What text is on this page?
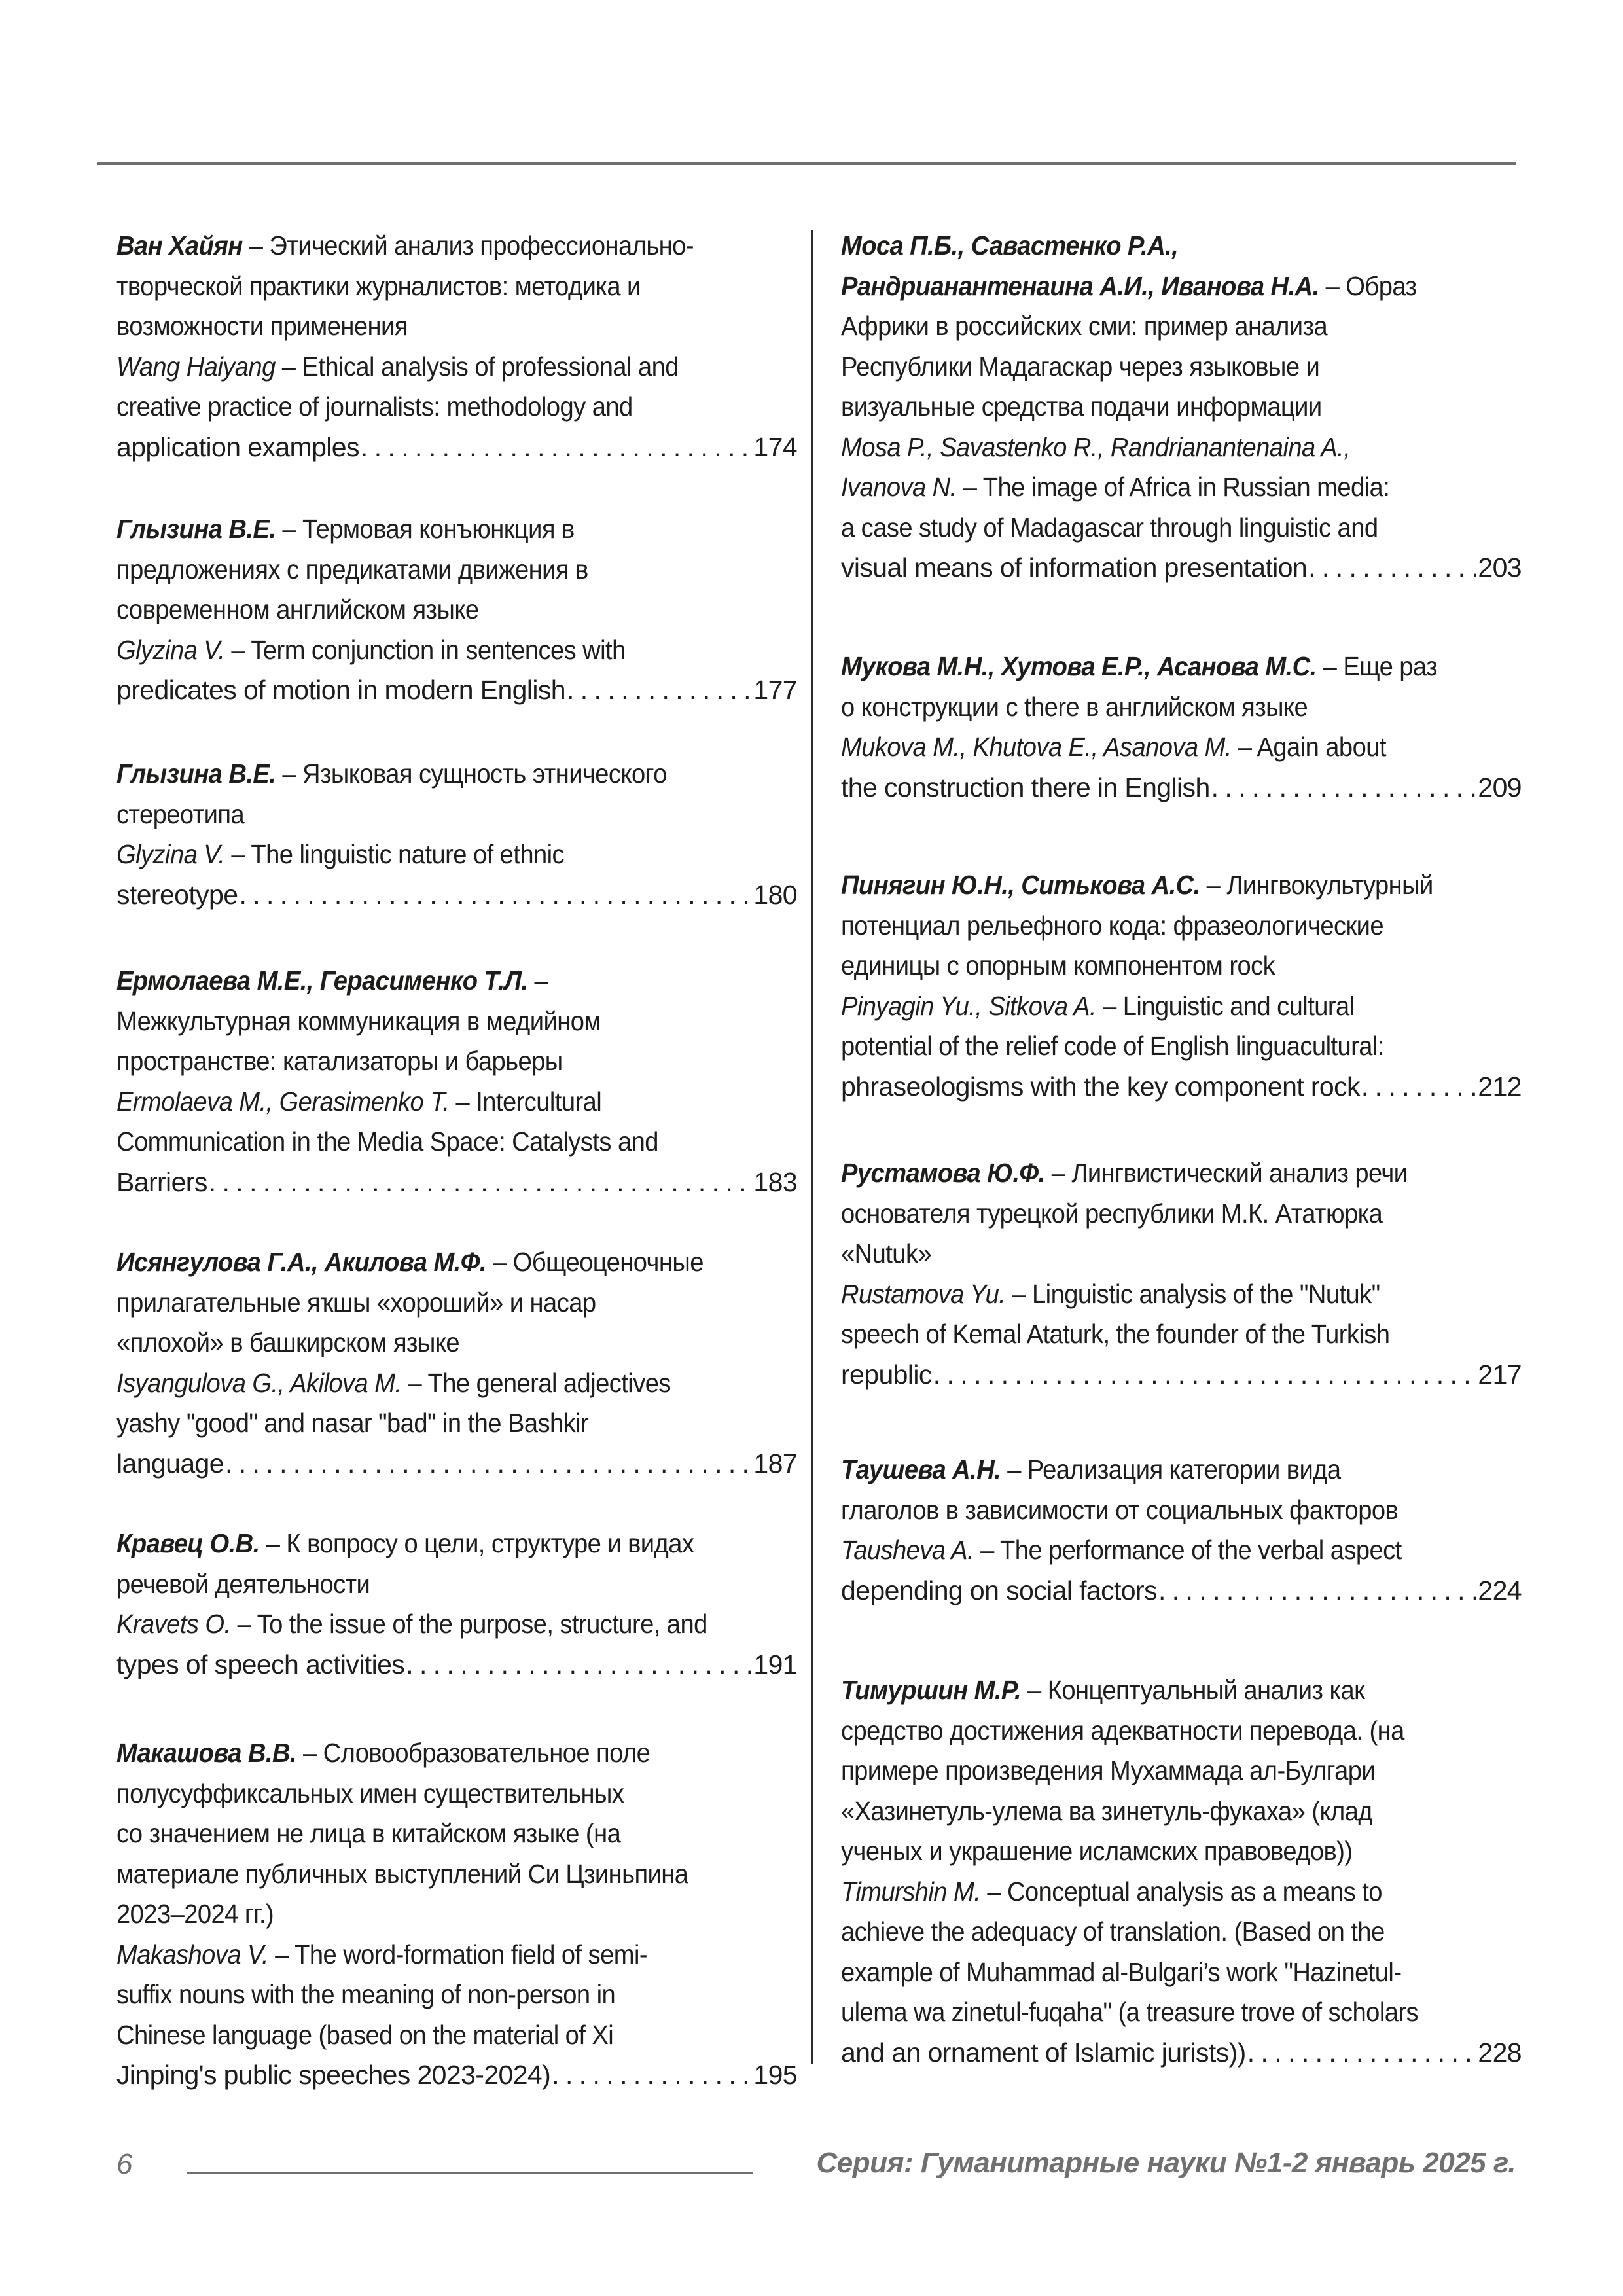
Ван Хайян – Этический анализ профессионально-
творческой практики журналистов: методика и
возможности применения
Wang Haiyang – Ethical analysis of professional and
creative practice of journalists: methodology and
application examples . . .	174
Глызина В.Е. – Термовая конъюнкция в
предложениях с предикатами движения в
современном английском языке
Glyzina V. – Term conjunction in sentences with
predicates of motion in modern English . . .	177
Глызина В.Е. – Языковая сущность этнического
стереотипа
Glyzina V. – The linguistic nature of ethnic
stereotype . . .	180
Ермолаева М.Е., Герасименко Т.Л. –
Межкультурная коммуникация в медийном
пространстве: катализаторы и барьеры
Ermolaeva M., Gerasimenko T. – Intercultural
Communication in the Media Space: Catalysts and
Barriers . . .	183
Исянгулова Г.А., Акилова М.Ф. – Общеоценочные
прилагательные яҡшы «хороший» и насар
«плохой» в башкирском языке
Isyangulova G., Akilova M. – The general adjectives
yashy "good" and nasar "bad" in the Bashkir
language . . .	187
Кравец О.В. – К вопросу о цели, структуре и видах
речевой деятельности
Kravets O. – To the issue of the purpose, structure, and
types of speech activities . . .	191
Макашова В.В. – Словообразовательное поле
полусуффиксальных имен существительных
со значением не лица в китайском языке (на
материале публичных выступлений Си Цзиньпина
2023–2024 гг.)
Makashova V. – The word-formation field of semi-
suffix nouns with the meaning of non-person in
Chinese language (based on the material of Xi
Jinping's public speeches 2023-2024) . . .	195
Моса П.Б., Савастенко Р.А.,
Рандрианантенаина А.И., Иванова Н.А. – Образ
Африки в российских сми: пример анализа
Республики Мадагаскар через языковые и
визуальные средства подачи информации
Mosa P., Savastenko R., Randrianantenaina A.,
Ivanova N. – The image of Africa in Russian media:
a case study of Madagascar through linguistic and
visual means of information presentation . . .	203
Мукова М.Н., Хутова Е.Р., Асанова М.С. – Еще раз
о конструкции с there в английском языке
Mukova M., Khutova E., Asanova M. – Again about
the construction there in English . . .	209
Пинягин Ю.Н., Ситькова А.С. – Лингвокультурный
потенциал рельефного кода: фразеологические
единицы с опорным компонентом rock
Pinyagin Yu., Sitkova A. – Linguistic and cultural
potential of the relief code of English linguacultural:
phraseologisms with the key component rock . . .	212
Рустамова Ю.Ф. – Лингвистический анализ речи
основателя турецкой республики М.К. Ататюрка
«Nutuk»
Rustamova Yu. – Linguistic analysis of the "Nutuk"
speech of Kemal Ataturk, the founder of the Turkish
republic . . .	217
Таушева А.Н. – Реализация категории вида
глаголов в зависимости от социальных факторов
Tausheva A. – The performance of the verbal aspect
depending on social factors . . .	224
Тимуршин М.Р. – Концептуальный анализ как
средство достижения адекватности перевода. (на
примере произведения Мухаммада ал-Булгари
«Хазинетуль-улема ва зинетуль-фукаха» (клад
ученых и украшение исламских правоведов))
Timurshin M. – Conceptual analysis as a means to
achieve the adequacy of translation. (Based on the
example of Muhammad al-Bulgari’s work "Hazinetul-
ulema wa zinetul-fuqaha" (a treasure trove of scholars
and an ornament of Islamic jurists)) . . .	228
6	Серия: Гуманитарные науки №1-2 январь 2025 г.
